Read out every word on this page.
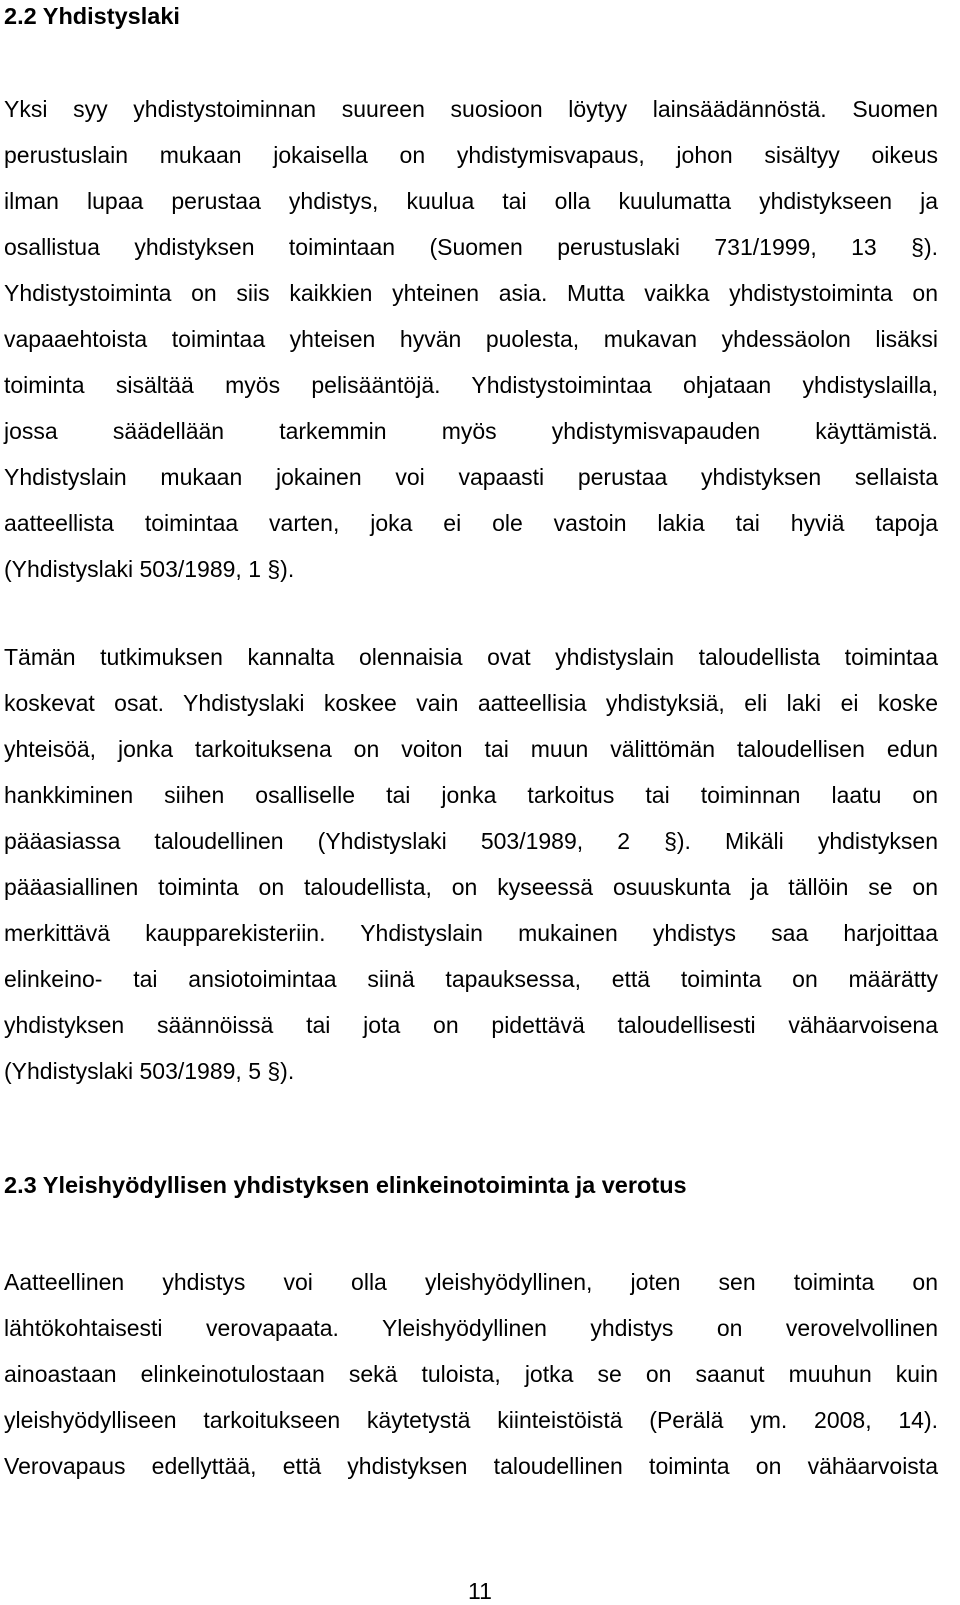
2.2 Yhdistyslaki
Yksi syy yhdistystoiminnan suureen suosioon löytyy lainsäädännöstä. Suomen
perustuslain mukaan jokaisella on yhdistymisvapaus, johon sisältyy oikeus
ilman lupaa perustaa yhdistys, kuulua tai olla kuulumatta yhdistykseen ja
osallistua yhdistyksen toimintaan (Suomen perustuslaki 731/1999, 13 §).
Yhdistystoiminta on siis kaikkien yhteinen asia. Mutta vaikka yhdistystoiminta on
vapaaehtoista toimintaa yhteisen hyvän puolesta, mukavan yhdessäolon lisäksi
toiminta sisältää myös pelisääntöjä. Yhdistystoimintaa ohjataan yhdistyslailla,
jossa säädellään tarkemmin myös yhdistymisvapauden käyttämistä.
Yhdistyslain mukaan jokainen voi vapaasti perustaa yhdistyksen sellaista
aatteellista toimintaa varten, joka ei ole vastoin lakia tai hyviä tapoja
(Yhdistyslaki 503/1989, 1 §).
Tämän tutkimuksen kannalta olennaisia ovat yhdistyslain taloudellista toimintaa
koskevat osat. Yhdistyslaki koskee vain aatteellisia yhdistyksiä, eli laki ei koske
yhteisöä, jonka tarkoituksena on voiton tai muun välittömän taloudellisen edun
hankkiminen siihen osalliselle tai jonka tarkoitus tai toiminnan laatu on
pääasiassa taloudellinen (Yhdistyslaki 503/1989, 2 §). Mikäli yhdistyksen
pääasiallinen toiminta on taloudellista, on kyseessä osuuskunta ja tällöin se on
merkittävä kaupparekisteriin. Yhdistyslain mukainen yhdistys saa harjoittaa
elinkeino- tai ansiotoimintaa siinä tapauksessa, että toiminta on määrätty
yhdistyksen säännöissä tai jota on pidettävä taloudellisesti vähäarvoisena
(Yhdistyslaki 503/1989, 5 §).
2.3 Yleishyödyllisen yhdistyksen elinkeinotoiminta ja verotus
Aatteellinen yhdistys voi olla yleishyödyllinen, joten sen toiminta on
lähtökohtaisesti verovapaata. Yleishyödyllinen yhdistys on verovelvollinen
ainoastaan elinkeinotulostaan sekä tuloista, jotka se on saanut muuhun kuin
yleishyödylliseen tarkoitukseen käytetystä kiinteistöistä (Perälä ym. 2008, 14).
Verovapaus edellyttää, että yhdistyksen taloudellinen toiminta on vähäarvoista

11
